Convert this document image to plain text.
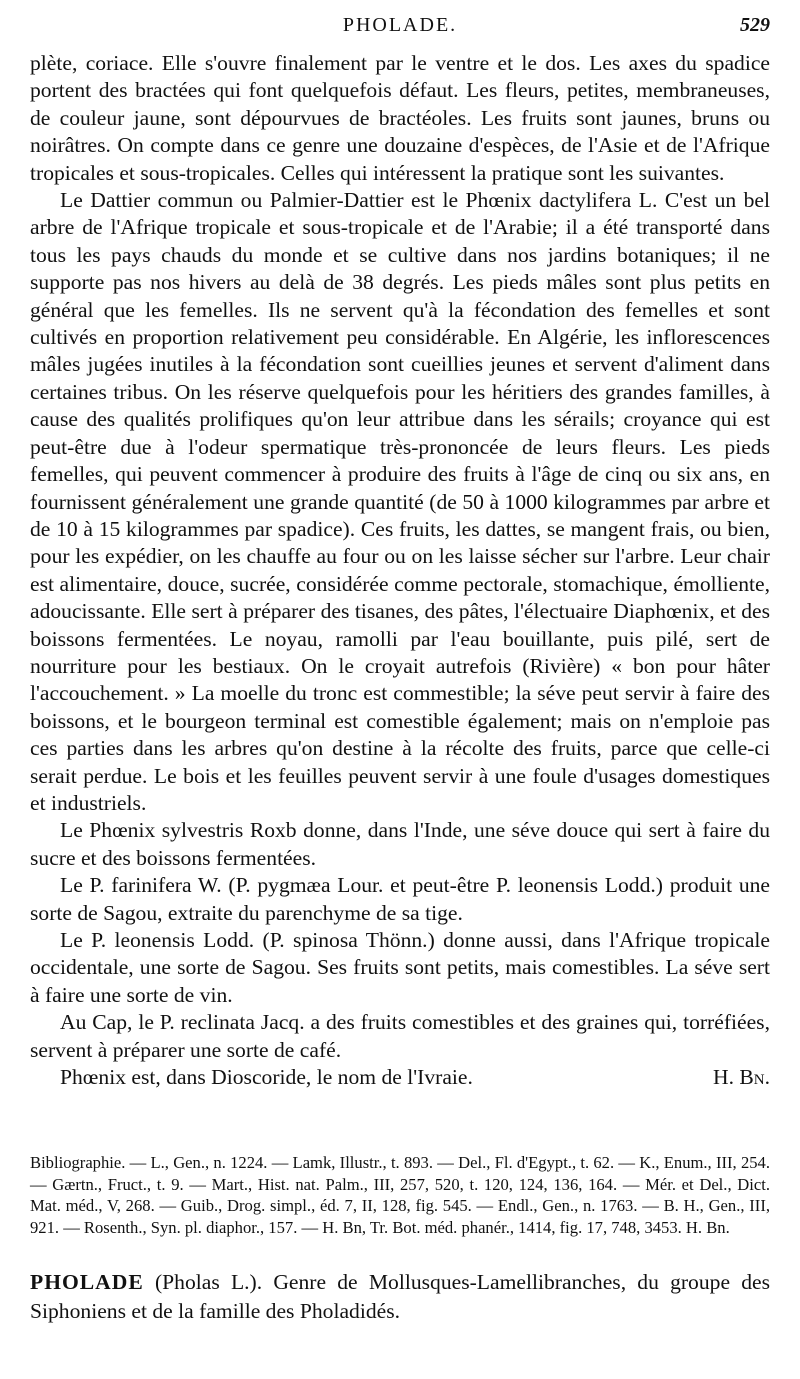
PHOLADE.	529

plète, coriace. Elle s'ouvre finalement par le ventre et le dos. Les axes du spadice portent des bractées qui font quelquefois défaut. Les fleurs, petites, membraneuses, de couleur jaune, sont dépourvues de bractéoles. Les fruits sont jaunes, bruns ou noirâtres. On compte dans ce genre une douzaine d'espèces, de l'Asie et de l'Afrique tropicales et sous-tropicales. Celles qui intéressent la pratique sont les suivantes.

Le Dattier commun ou Palmier-Dattier est le Phœnix dactylifera L. C'est un bel arbre de l'Afrique tropicale et sous-tropicale et de l'Arabie; il a été transporté dans tous les pays chauds du monde et se cultive dans nos jardins botaniques; il ne supporte pas nos hivers au delà de 38 degrés. Les pieds mâles sont plus petits en général que les femelles. Ils ne servent qu'à la fécondation des femelles et sont cultivés en proportion relativement peu considérable. En Algérie, les inflorescences mâles jugées inutiles à la fécondation sont cueillies jeunes et servent d'aliment dans certaines tribus. On les réserve quelquefois pour les héritiers des grandes familles, à cause des qualités prolifiques qu'on leur attribue dans les sérails; croyance qui est peut-être due à l'odeur spermatique très-prononcée de leurs fleurs. Les pieds femelles, qui peuvent commencer à produire des fruits à l'âge de cinq ou six ans, en fournissent généralement une grande quantité (de 50 à 1000 kilogrammes par arbre et de 10 à 15 kilogrammes par spadice). Ces fruits, les dattes, se mangent frais, ou bien, pour les expédier, on les chauffe au four ou on les laisse sécher sur l'arbre. Leur chair est alimentaire, douce, sucrée, considérée comme pectorale, stomachique, émolliente, adoucissante. Elle sert à préparer des tisanes, des pâtes, l'électuaire Diaphœnix, et des boissons fermentées. Le noyau, ramolli par l'eau bouillante, puis pilé, sert de nourriture pour les bestiaux. On le croyait autrefois (Rivière) « bon pour hâter l'accouchement. » La moelle du tronc est commestible; la séve peut servir à faire des boissons, et le bourgeon terminal est comestible également; mais on n'emploie pas ces parties dans les arbres qu'on destine à la récolte des fruits, parce que celle-ci serait perdue. Le bois et les feuilles peuvent servir à une foule d'usages domestiques et industriels.

Le Phœnix sylvestris Roxb donne, dans l'Inde, une séve douce qui sert à faire du sucre et des boissons fermentées.

Le P. farinifera W. (P. pygmæa Lour. et peut-être P. leonensis Lodd.) produit une sorte de Sagou, extraite du parenchyme de sa tige.

Le P. leonensis Lodd. (P. spinosa Thönn.) donne aussi, dans l'Afrique tropicale occidentale, une sorte de Sagou. Ses fruits sont petits, mais comestibles. La séve sert à faire une sorte de vin.

Au Cap, le P. reclinata Jacq. a des fruits comestibles et des graines qui, torréfiées, servent à préparer une sorte de café.

Phœnix est, dans Dioscoride, le nom de l'Ivraie.	H. Bn.

Bibliographie. — L., Gen., n. 1224. — Lamk, Illustr., t. 893. — Del., Fl. d'Egypt., t. 62. — K., Enum., III, 254. — Gærtn., Fruct., t. 9. — Mart., Hist. nat. Palm., III, 257, 520, t. 120, 124, 136, 164. — Mér. et Del., Dict. Mat. méd., V, 268. — Guib., Drog. simpl., éd. 7, II, 128, fig. 545. — Endl., Gen., n. 1763. — B. H., Gen., III, 921. — Rosenth., Syn. pl. diaphor., 157. — H. Bn, Tr. Bot. méd. phanér., 1414, fig. 17, 748, 3453. H. Bn.
PHOLADE (Pholas L.). Genre de Mollusques-Lamellibranches, du groupe des Siphoniens et de la famille des Pholadidés.
